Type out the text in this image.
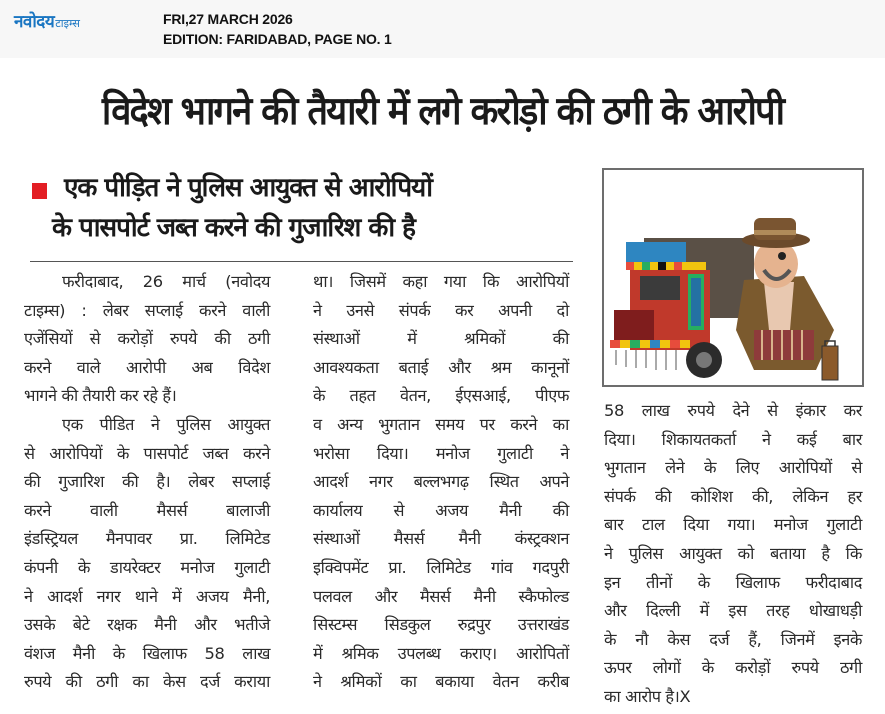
नवोदय टाइम्स	FRI,27 MARCH 2026
EDITION: FARIDABAD, PAGE NO. 1
विदेश भागने की तैयारी में लगे करोड़ो की ठगी के आरोपी
एक पीड़ित ने पुलिस आयुक्त से आरोपियों
के पासपोर्ट जब्त करने की गुजारिश की है
फरीदाबाद, 26 मार्च (नवोदय
टाइम्स) : लेबर सप्लाई करने वाली
एजेंसियों से करोड़ों रुपये की ठगी
करने वाले आरोपी अब विदेश
भागने की तैयारी कर रहे हैं।
एक पीडित ने पुलिस आयुक्त
से आरोपियों के पासपोर्ट जब्त करने
की गुजारिश की है। लेबर सप्लाई
करने वाली मैसर्स बालाजी
इंडस्ट्रियल मैनपावर प्रा. लिमिटेड
कंपनी के डायरेक्टर मनोज गुलाटी
ने आदर्श नगर थाने में अजय मैनी,
उसके बेटे रक्षक मैनी और भतीजे
वंशज मैनी के खिलाफ 58 लाख
रुपये की ठगी का केस दर्ज कराया
था। जिसमें कहा गया कि आरोपियों
ने उनसे संपर्क कर अपनी दो
संस्थाओं में श्रमिकों की
आवश्यकता बताई और श्रम कानूनों
के तहत वेतन, ईएसआई, पीएफ
व अन्य भुगतान समय पर करने का
भरोसा दिया। मनोज गुलाटी ने
आदर्श नगर बल्लभगढ़ स्थित अपने
कार्यालय से अजय मैनी की
संस्थाओं मैसर्स मैनी कंस्ट्रक्शन
इक्विपमेंट प्रा. लिमिटेड गांव गदपुरी
पलवल और मैसर्स मैनी स्कैफोल्ड
सिस्टम्स सिडकुल रुद्रपुर उत्तराखंड
में श्रमिक उपलब्ध कराए। आरोपितों
ने श्रमिकों का बकाया वेतन करीब
58 लाख रुपये देने से इंकार कर
दिया। शिकायतकर्ता ने कई बार
भुगतान लेने के लिए आरोपियों से
संपर्क की कोशिश की, लेकिन हर
बार टाल दिया गया। मनोज गुलाटी
ने पुलिस आयुक्त को बताया है कि
इन तीनों के खिलाफ फरीदाबाद
और दिल्ली में इस तरह धोखाधड़ी
के नौ केस दर्ज हैं, जिनमें इनके
ऊपर लोगों के करोड़ों रुपये ठगी
का आरोप है।X
